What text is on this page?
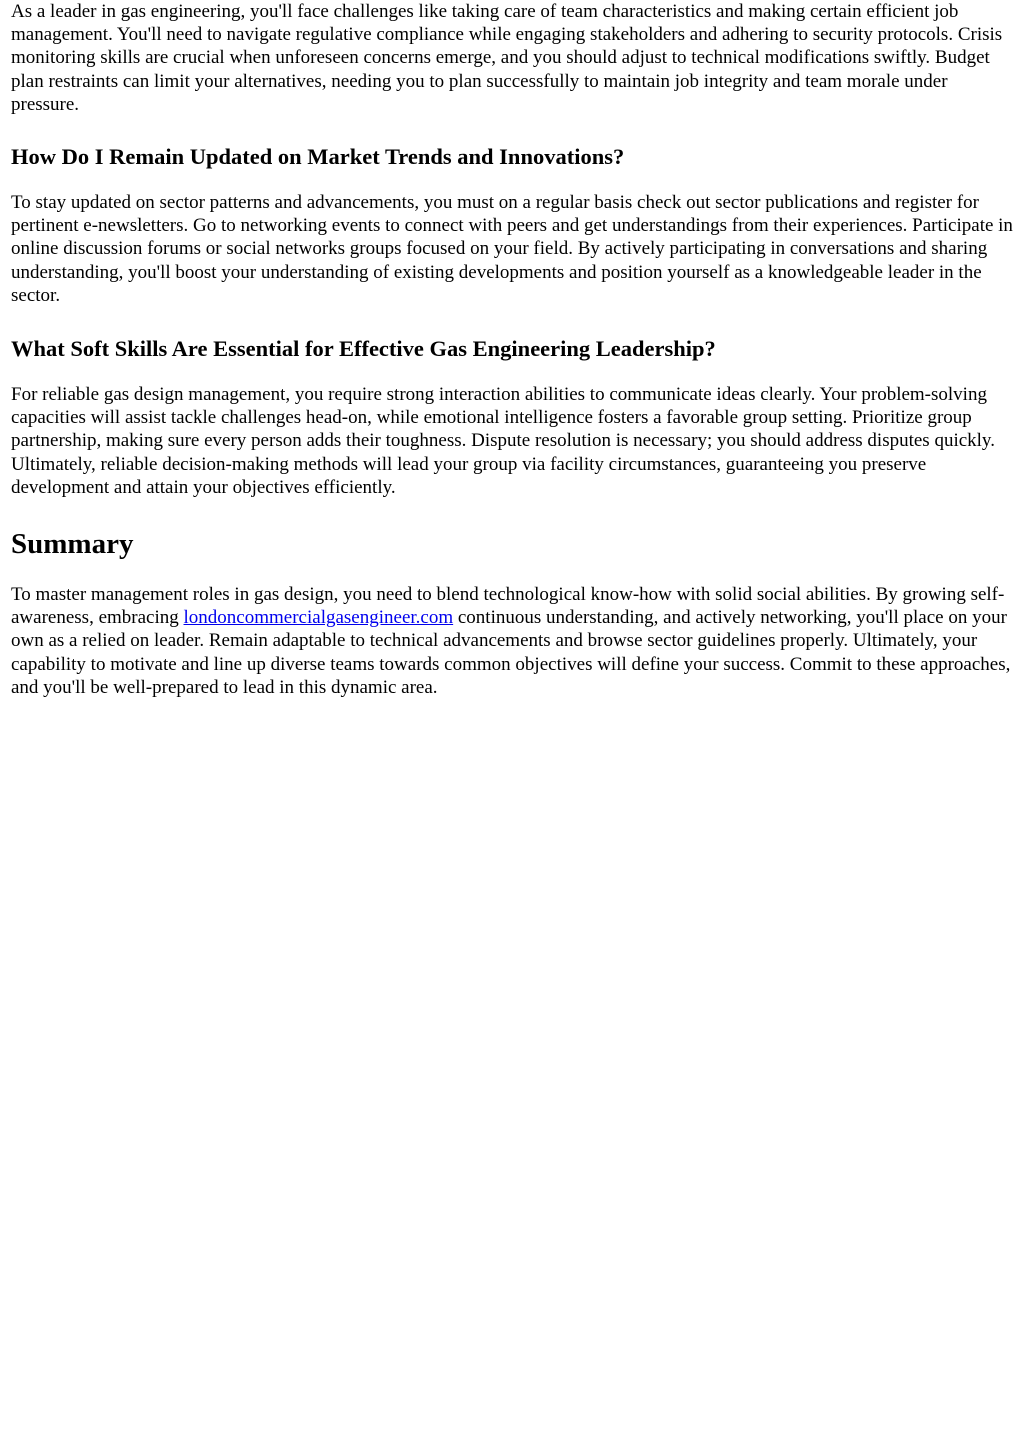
As a leader in gas engineering, you'll face challenges like taking care of team characteristics and making certain efficient job management. You'll need to navigate regulative compliance while engaging stakeholders and adhering to security protocols. Crisis monitoring skills are crucial when unforeseen concerns emerge, and you should adjust to technical modifications swiftly. Budget plan restraints can limit your alternatives, needing you to plan successfully to maintain job integrity and team morale under pressure.

How Do I Remain Updated on Market Trends and Innovations?

To stay updated on sector patterns and advancements, you must on a regular basis check out sector publications and register for pertinent e-newsletters. Go to networking events to connect with peers and get understandings from their experiences. Participate in online discussion forums or social networks groups focused on your field. By actively participating in conversations and sharing understanding, you'll boost your understanding of existing developments and position yourself as a knowledgeable leader in the sector.

What Soft Skills Are Essential for Effective Gas Engineering Leadership?

For reliable gas design management, you require strong interaction abilities to communicate ideas clearly. Your problem-solving capacities will assist tackle challenges head-on, while emotional intelligence fosters a favorable group setting. Prioritize group partnership, making sure every person adds their toughness. Dispute resolution is necessary; you should address disputes quickly. Ultimately, reliable decision-making methods will lead your group via facility circumstances, guaranteeing you preserve development and attain your objectives efficiently.

Summary

To master management roles in gas design, you need to blend technological know-how with solid social abilities. By growing self-awareness, embracing londoncommercialgasengineer.com continuous understanding, and actively networking, you'll place on your own as a relied on leader. Remain adaptable to technical advancements and browse sector guidelines properly. Ultimately, your capability to motivate and line up diverse teams towards common objectives will define your success. Commit to these approaches, and you'll be well-prepared to lead in this dynamic area.
